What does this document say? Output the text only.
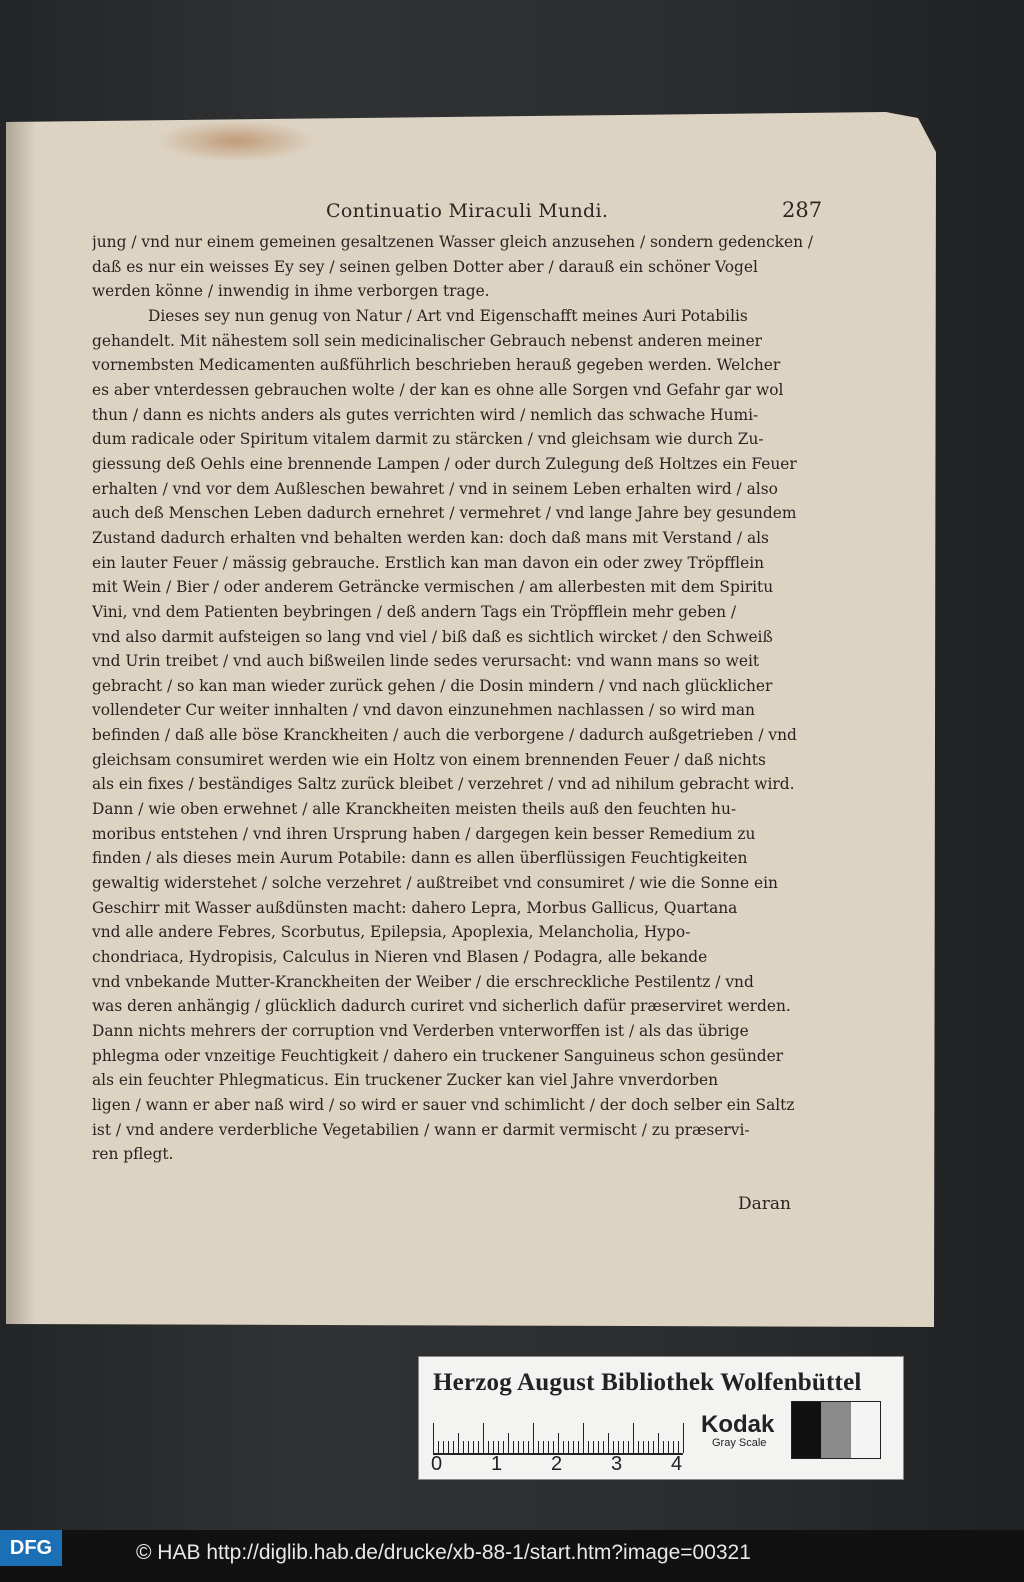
Continuatio Miraculi Mundi.	287
jung / vnd nur einem gemeinen gesaltzenen Wasser gleich anzusehen / sondern gedencken /
daß es nur ein weisses Ey sey / seinen gelben Dotter aber / darauß ein schöner Vogel
werden könne / inwendig in ihme verborgen trage.
Dieses sey nun genug von Natur / Art vnd Eigenschafft meines Auri Potabilis
gehandelt. Mit nähestem soll sein medicinalischer Gebrauch nebenst anderen meiner
vornembsten Medicamenten außführlich beschrieben herauß gegeben werden. Welcher
es aber vnterdessen gebrauchen wolte / der kan es ohne alle Sorgen vnd Gefahr gar wol
thun / dann es nichts anders als gutes verrichten wird / nemlich das schwache Humi-
dum radicale oder Spiritum vitalem darmit zu stärcken / vnd gleichsam wie durch Zu-
giessung deß Oehls eine brennende Lampen / oder durch Zulegung deß Holtzes ein Feuer
erhalten / vnd vor dem Außleschen bewahret / vnd in seinem Leben erhalten wird / also
auch deß Menschen Leben dadurch ernehret / vermehret / vnd lange Jahre bey gesundem
Zustand dadurch erhalten vnd behalten werden kan: doch daß mans mit Verstand / als
ein lauter Feuer / mässig gebrauche. Erstlich kan man davon ein oder zwey Tröpfflein
mit Wein / Bier / oder anderem Geträncke vermischen / am allerbesten mit dem Spiritu
Vini, vnd dem Patienten beybringen / deß andern Tags ein Tröpfflein mehr geben /
vnd also darmit aufsteigen so lang vnd viel / biß daß es sichtlich wircket / den Schweiß
vnd Urin treibet / vnd auch bißweilen linde sedes verursacht: vnd wann mans so weit
gebracht / so kan man wieder zurück gehen / die Dosin mindern / vnd nach glücklicher
vollendeter Cur weiter innhalten / vnd davon einzunehmen nachlassen / so wird man
befinden / daß alle böse Kranckheiten / auch die verborgene / dadurch außgetrieben / vnd
gleichsam consumiret werden wie ein Holtz von einem brennenden Feuer / daß nichts
als ein fixes / beständiges Saltz zurück bleibet / verzehret / vnd ad nihilum gebracht wird.
Dann / wie oben erwehnet / alle Kranckheiten meisten theils auß den feuchten hu-
moribus entstehen / vnd ihren Ursprung haben / dargegen kein besser Remedium zu
finden / als dieses mein Aurum Potabile: dann es allen überflüssigen Feuchtigkeiten
gewaltig widerstehet / solche verzehret / außtreibet vnd consumiret / wie die Sonne ein
Geschirr mit Wasser außdünsten macht: dahero Lepra, Morbus Gallicus, Quartana
vnd alle andere Febres, Scorbutus, Epilepsia, Apoplexia, Melancholia, Hypo-
chondriaca, Hydropisis, Calculus in Nieren vnd Blasen / Podagra, alle bekande
vnd vnbekande Mutter-Kranckheiten der Weiber / die erschreckliche Pestilentz / vnd
was deren anhängig / glücklich dadurch curiret vnd sicherlich dafür præserviret werden.
Dann nichts mehrers der corruption vnd Verderben vnterworffen ist / als das übrige
phlegma oder vnzeitige Feuchtigkeit / dahero ein truckener Sanguineus schon gesünder
als ein feuchter Phlegmaticus. Ein truckener Zucker kan viel Jahre vnverdorben
ligen / wann er aber naß wird / so wird er sauer vnd schimlicht / der doch selber ein Saltz
ist / vnd andere verderbliche Vegetabilien / wann er darmit vermischt / zu præservi-
ren pflegt.
Daran
Herzog August Bibliothek Wolfenbüttel
0 1 2 3 4
Kodak
Gray Scale
DFG	© HAB http://diglib.hab.de/drucke/xb-88-1/start.htm?image=00321
